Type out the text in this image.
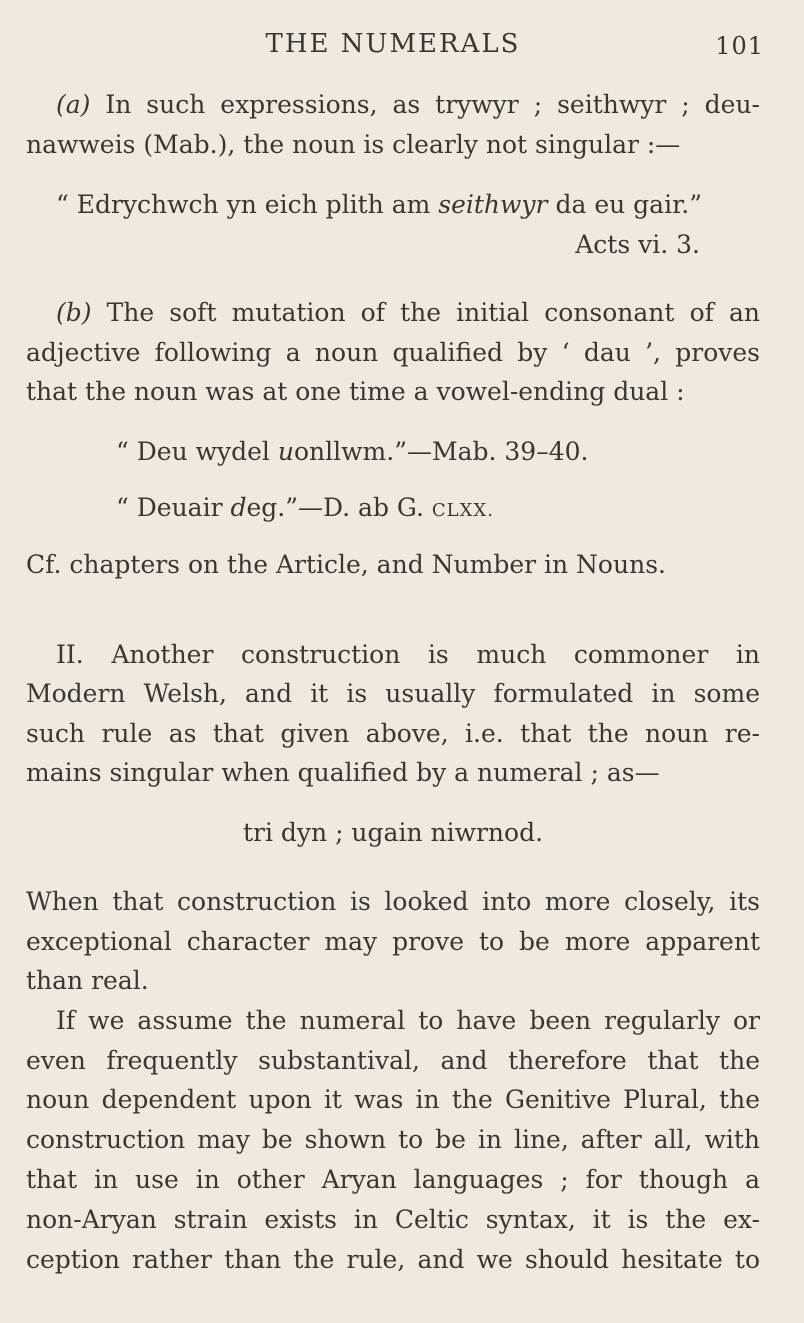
THE NUMERALS	101
(a) In such expressions, as trywyr ; seithwyr ; deu-
nawweis (Mab.), the noun is clearly not singular :—
“ Edrychwch yn eich plith am seithwyr da eu gair.”
Acts vi. 3.
(b) The soft mutation of the initial consonant of an
adjective following a noun qualified by ‘ dau ’, proves
that the noun was at one time a vowel-ending dual :
“ Deu wydel uonllwm.”—Mab. 39–40.
“ Deuair deg.”—D. ab G. CLXX.
Cf. chapters on the Article, and Number in Nouns.
II. Another construction is much commoner in
Modern Welsh, and it is usually formulated in some
such rule as that given above, i.e. that the noun re-
mains singular when qualified by a numeral ; as—
tri dyn ; ugain niwrnod.
When that construction is looked into more closely, its
exceptional character may prove to be more apparent
than real.
If we assume the numeral to have been regularly or
even frequently substantival, and therefore that the
noun dependent upon it was in the Genitive Plural, the
construction may be shown to be in line, after all, with
that in use in other Aryan languages ; for though a
non-Aryan strain exists in Celtic syntax, it is the ex-
ception rather than the rule, and we should hesitate to
